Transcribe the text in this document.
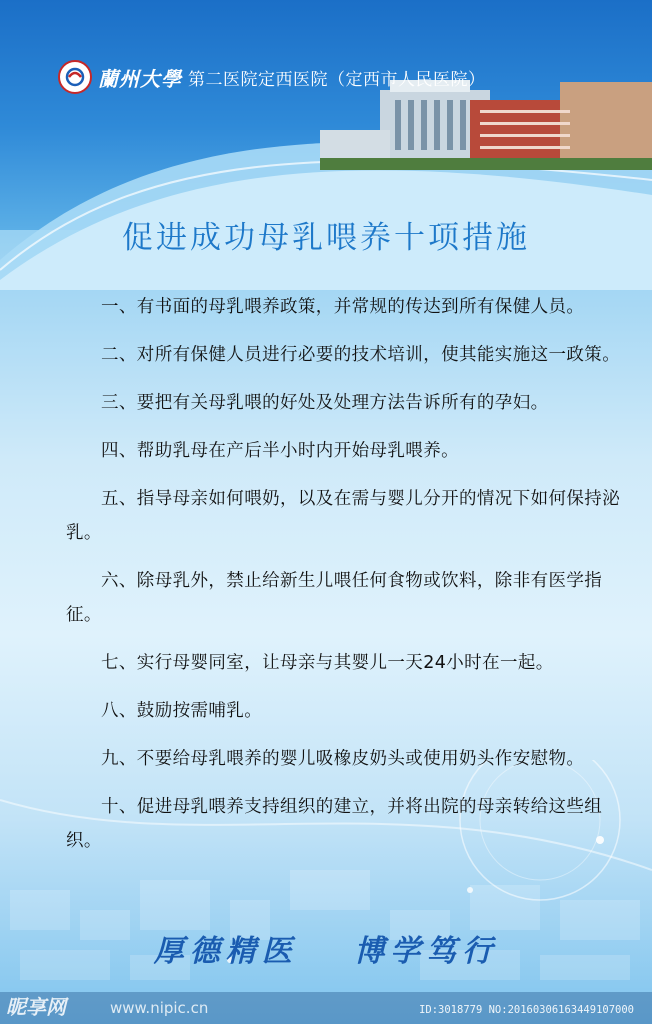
蘭州大學 第二医院定西医院（定西市人民医院）
促进成功母乳喂养十项措施

一、有书面的母乳喂养政策，并常规的传达到所有保健人员。

二、对所有保健人员进行必要的技术培训，使其能实施这一政策。

三、要把有关母乳喂的好处及处理方法告诉所有的孕妇。

四、帮助乳母在产后半小时内开始母乳喂养。

五、指导母亲如何喂奶，以及在需与婴儿分开的情况下如何保持泌乳。

六、除母乳外，禁止给新生儿喂任何食物或饮料，除非有医学指征。

七、实行母婴同室，让母亲与其婴儿一天24小时在一起。

八、鼓励按需哺乳。

九、不要给母乳喂养的婴儿吸橡皮奶头或使用奶头作安慰物。

十、促进母乳喂养支持组织的建立，并将出院的母亲转给这些组织。

厚德精医 博学笃行
昵享网	www.nipic.cn	ID:3018779 NO:20160306163449107000
